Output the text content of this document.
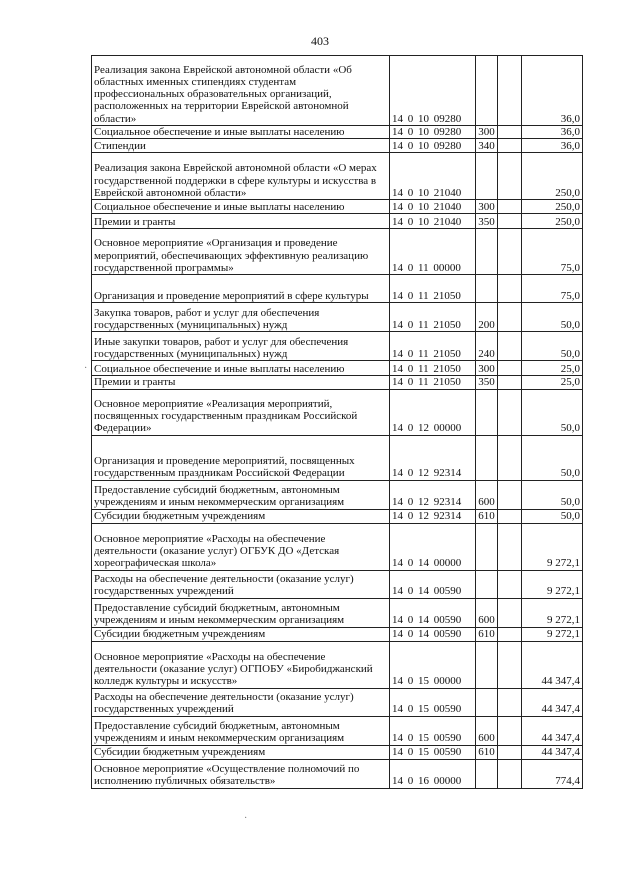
403
Реализация закона Еврейской автономной области «Об областных именных стипендиях студентам профессиональных образовательных организаций, расположенных на территории Еврейской автономной области»	14 0 10 09280			36,0
Социальное обеспечение и иные выплаты населению	14 0 10 09280	300		36,0
Стипендии	14 0 10 09280	340		36,0
Реализация закона Еврейской автономной области «О мерах государственной поддержки в сфере культуры и искусства в Еврейской автономной области»	14 0 10 21040			250,0
Социальное обеспечение и иные выплаты населению	14 0 10 21040	300		250,0
Премии и гранты	14 0 10 21040	350		250,0
Основное мероприятие «Организация и проведение мероприятий, обеспечивающих эффективную реализацию государственной программы»	14 0 11 00000			75,0
Организация и проведение мероприятий в сфере культуры	14 0 11 21050			75,0
Закупка товаров, работ и услуг для обеспечения государственных (муниципальных) нужд	14 0 11 21050	200		50,0
Иные закупки товаров, работ и услуг для обеспечения государственных (муниципальных) нужд	14 0 11 21050	240		50,0
Социальное обеспечение и иные выплаты населению	14 0 11 21050	300		25,0
Премии и гранты	14 0 11 21050	350		25,0
Основное мероприятие «Реализация мероприятий, посвященных государственным праздникам Российской Федерации»	14 0 12 00000			50,0
Организация и проведение мероприятий, посвященных государственным праздникам Российской Федерации	14 0 12 92314			50,0
Предоставление субсидий бюджетным, автономным учреждениям и иным некоммерческим организациям	14 0 12 92314	600		50,0
Субсидии бюджетным учреждениям	14 0 12 92314	610		50,0
Основное мероприятие «Расходы на обеспечение деятельности (оказание услуг) ОГБУК ДО «Детская хореографическая школа»	14 0 14 00000			9 272,1
Расходы на обеспечение деятельности (оказание услуг) государственных учреждений	14 0 14 00590			9 272,1
Предоставление субсидий бюджетным, автономным учреждениям и иным некоммерческим организациям	14 0 14 00590	600		9 272,1
Субсидии бюджетным учреждениям	14 0 14 00590	610		9 272,1
Основное мероприятие «Расходы на обеспечение деятельности (оказание услуг) ОГПОБУ «Биробиджанский колледж культуры и искусств»	14 0 15 00000			44 347,4
Расходы на обеспечение деятельности (оказание услуг) государственных учреждений	14 0 15 00590			44 347,4
Предоставление субсидий бюджетным, автономным учреждениям и иным некоммерческим организациям	14 0 15 00590	600		44 347,4
Субсидии бюджетным учреждениям	14 0 15 00590	610		44 347,4
Основное мероприятие «Осуществление полномочий по исполнению публичных обязательств»	14 0 16 00000			774,4
·
·
